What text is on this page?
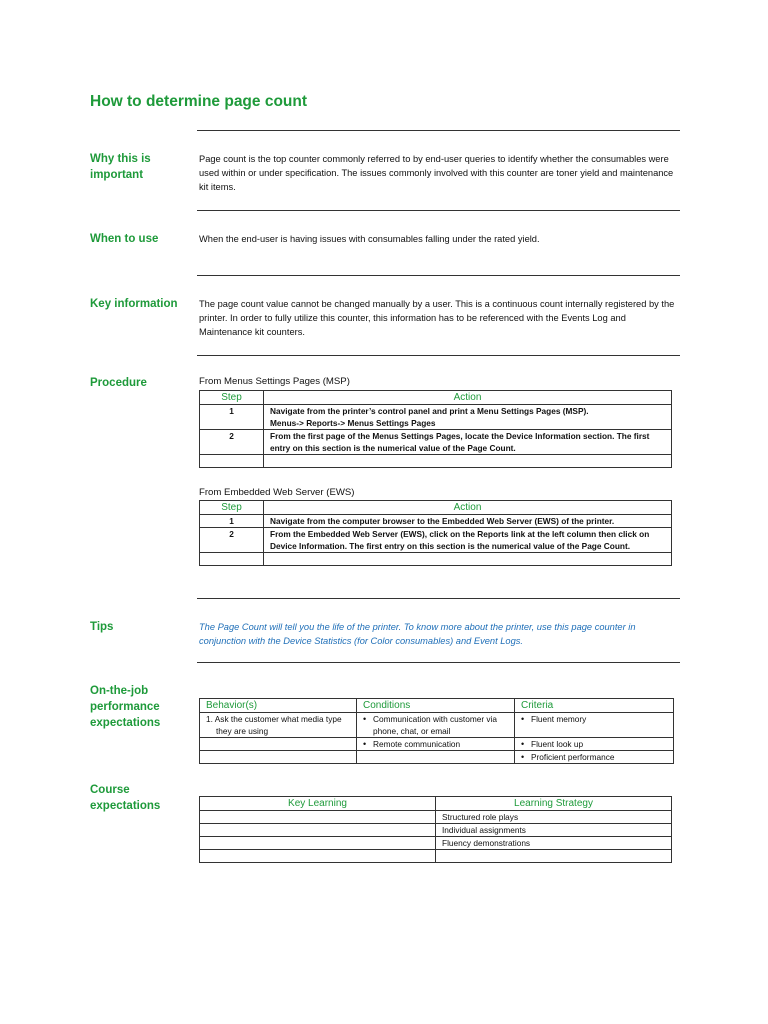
How to determine page count
Why this is important
Page count is the top counter commonly referred to by end-user queries to identify whether the consumables were used within or under specification. The issues commonly involved with this counter are toner yield and maintenance kit items.
When to use	When the end-user is having issues with consumables falling under the rated yield.
Key information The page count value cannot be changed manually by a user. This is a continuous count internally registered by the printer. In order to fully utilize this counter, this information has to be referenced with the Events Log and Maintenance kit counters.
Procedure	From Menus Settings Pages (MSP)
Step	Action
1	Navigate from the printer’s control panel and print a Menu Settings Pages (MSP).
Menus-> Reports-> Menus Settings Pages

2	From the first page of the Menus Settings Pages, locate the Device Information section. The first entry on this section is the numerical value of the Page Count.

From Embedded Web Server (EWS)
Step	Action
1	Navigate from the computer browser to the Embedded Web Server (EWS) of the printer.
2	From the Embedded Web Server (EWS), click on the Reports link at the left column then click on Device Information. The first entry on this section is the numerical value of the Page Count.

Tips	The Page Count will tell you the life of the printer. To know more about the printer, use this page counter in conjunction with the Device Statistics (for Color consumables) and Event Logs.
On-the-job performance expectations
Behavior(s)	Conditions	Criteria

1. Ask the customer what media type they are using	• Communication with customer via phone, chat, or email	• Fluent memory

	• Remote communication	• Fluent look up

		• Proficient performance
Course expectations	Key Learning	Learning Strategy
	Structured role plays
	Individual assignments
	Fluency demonstrations
